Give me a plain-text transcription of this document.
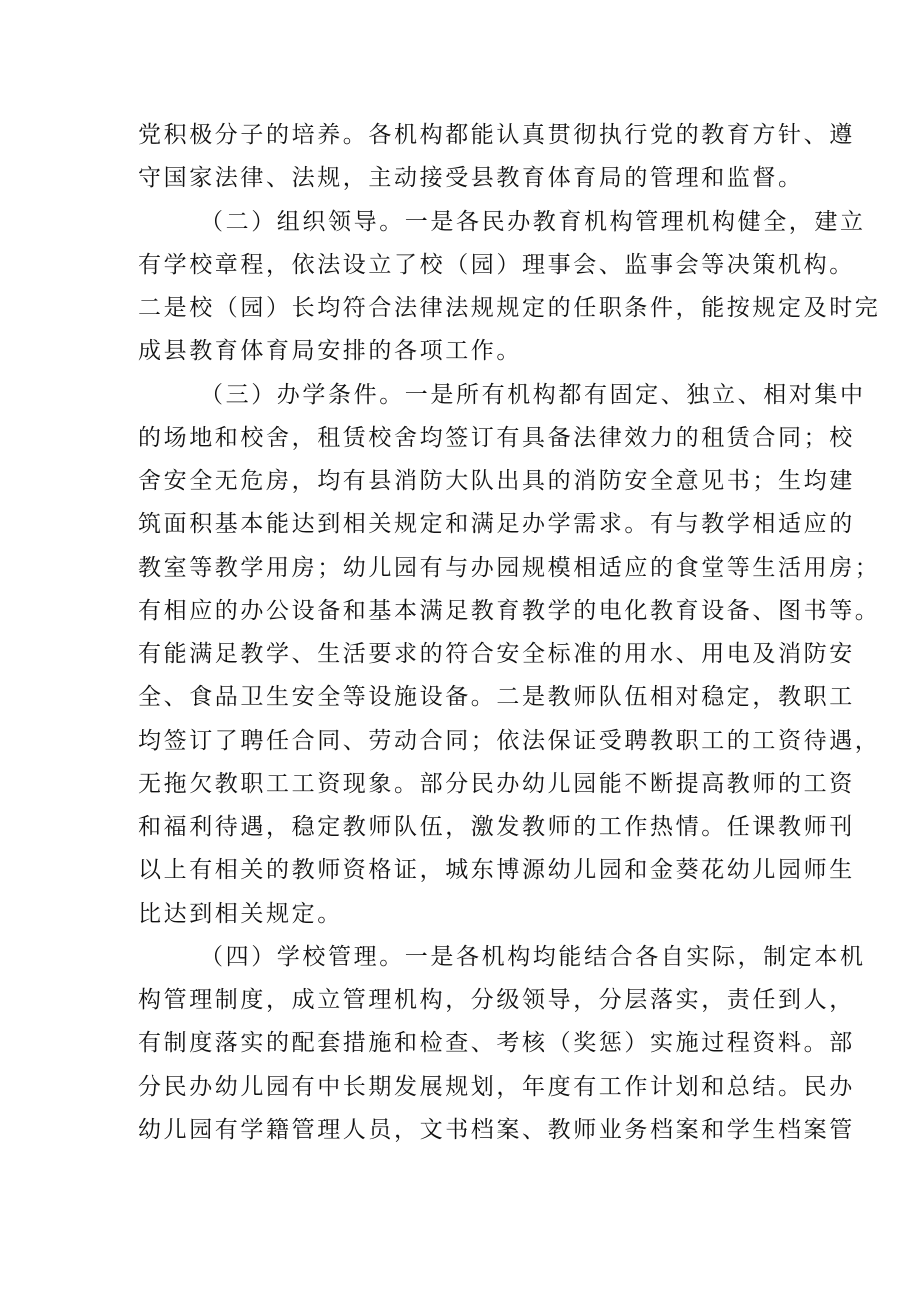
党积极分子的培养。各机构都能认真贯彻执行党的教育方针、遵
守国家法律、法规，主动接受县教育体育局的管理和监督。
（二）组织领导。一是各民办教育机构管理机构健全，建立
有学校章程，依法设立了校（园）理事会、监事会等决策机构。
二是校（园）长均符合法律法规规定的任职条件，能按规定及时完
成县教育体育局安排的各项工作。
（三）办学条件。一是所有机构都有固定、独立、相对集中
的场地和校舍，租赁校舍均签订有具备法律效力的租赁合同；校
舍安全无危房，均有县消防大队出具的消防安全意见书；生均建
筑面积基本能达到相关规定和满足办学需求。有与教学相适应的
教室等教学用房；幼儿园有与办园规模相适应的食堂等生活用房；
有相应的办公设备和基本满足教育教学的电化教育设备、图书等。
有能满足教学、生活要求的符合安全标准的用水、用电及消防安
全、食品卫生安全等设施设备。二是教师队伍相对稳定，教职工
均签订了聘任合同、劳动合同；依法保证受聘教职工的工资待遇，
无拖欠教职工工资现象。部分民办幼儿园能不断提高教师的工资
和福利待遇，稳定教师队伍，激发教师的工作热情。任课教师刊
以上有相关的教师资格证，城东博源幼儿园和金葵花幼儿园师生
比达到相关规定。
（四）学校管理。一是各机构均能结合各自实际，制定本机
构管理制度，成立管理机构，分级领导，分层落实，责任到人，
有制度落实的配套措施和检查、考核（奖惩）实施过程资料。部
分民办幼儿园有中长期发展规划，年度有工作计划和总结。民办
幼儿园有学籍管理人员，文书档案、教师业务档案和学生档案管
